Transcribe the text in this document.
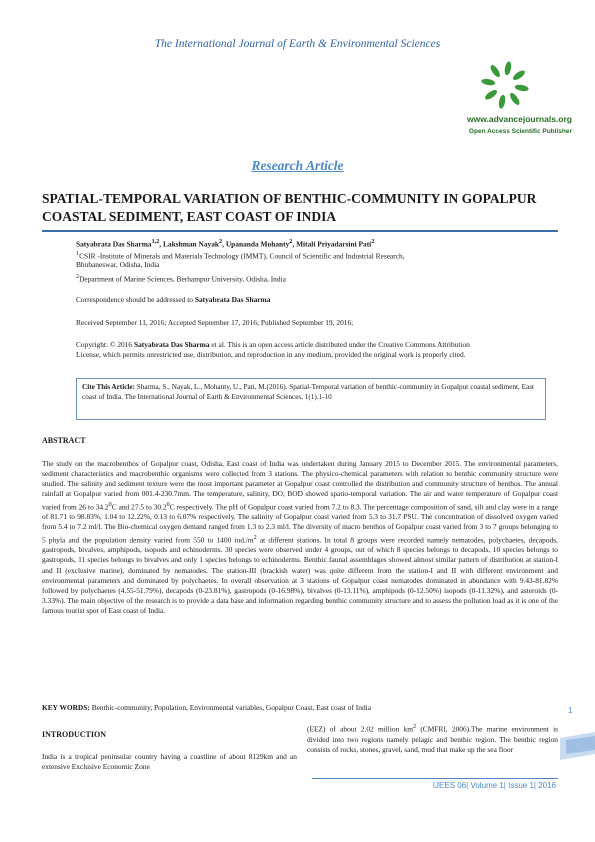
The International Journal of Earth & Environmental Sciences
www.advancejournals.org
Open Access Scientific Publisher
Research Article
SPATIAL-TEMPORAL VARIATION OF BENTHIC-COMMUNITY IN GOPALPUR COASTAL SEDIMENT, EAST COAST OF INDIA
Satyabrata Das Sharma$^{1,2}$, Lakshman Nayak$^2$, Upananda Mohanty$^2$, Mitali Priyadarsini Pati$^2$
$^1$CSIR -Institute of Minerals and Materials Technology (IMMT), Council of Scientific and Industrial Research,
Bhubaneswar, Odisha, India
$^2$Department of Marine Sciences, Berhampur University, Odisha, India
Correspondence should be addressed to Satyabrata Das Sharma
Received September 11, 2016; Accepted September 17, 2016; Published September 19, 2016;
Copyright: © 2016 Satyabrata Das Sharma et al. This is an open access article distributed under the Creative Commons Attribution License, which permits unrestricted use, distribution, and reproduction in any medium, provided the original work is properly cited.
Cite This Article: Sharma, S., Nayak, L., Mohanty, U., Pati, M.(2016). Spatial-Temporal variation of benthic-community in Gopalpur coastal sediment, East coast of India. The International Journal of Earth & Environmental Sciences, 1(1).1-10
ABSTRACT
The study on the macrobenthos of Gopalpur coast, Odisha, East coast of India was undertaken during January 2015 to December 2015. The environmental parameters, sediment characteristics and macrobenthic organisms were collected from 3 stations. The physico-chemical parameters with relation to benthic community structure were studied. The salinity and sediment texture were the most important parameter at Gopalpur coast controlled the distribution and community structure of benthos. The annual rainfall at Gopalpur varied from 001.4-230.7mm. The temperature, salinity, DO, BOD showed spatio-temporal variation. The air and water temperature of Gopalpur coast varied from 26 to 34.2$^0$C and 27.5 to 30.2$^0$C respectively. The pH of Gopalpur coast varied from 7.2 to 8.3. The percentage composition of sand, silt and clay were in a range of 81.71 to 98.83%, 1.04 to 12.22%, 0.13 to 6.07% respectively. The salinity of Gopalpur coast varied from 5.3 to 31.7 PSU. The concentration of dissolved oxygen varied from 5.4 to 7.2 ml/l. The Bio-chemical oxygen demand ranged from 1.3 to 2.3 ml/l. The diversity of macro benthos of Gopalpur coast varied from 3 to 7 groups belonging to 5 phyla and the population density varied from 550 to 1400 $ind./m^2$ at different stations. In total 8 groups were recorded namely nematodes, polychaetes, decapods, gastropods, bivalves, amphipods, isopods and echinoderms. 30 species were observed under 4 groups, out of which 8 species belongs to decapods, 10 species belongs to gastropods, 11 species belongs to bivalves and only 1 species belongs to echinoderms. Benthic faunal assemblages showed almost similar pattern of distribution at station-I and II (exclusive marine), dominated by nematodes. The station-III (brackish water) was quite different from the station-I and II with different environment and environmental parameters and dominated by polychaetes. In overall observation at 3 stations of Gopalpur coast nematodes dominated in abundance with 9.43-81.82% followed by polychaetes (4.55-51.79%), decapods (0-23.81%), gastropods (0-16.98%), bivalves (0-13.11%), amphipods (0-12.50%) isopods (0-11.32%), and asteroids (0-3.33%). The main objective of the research is to provide a data base and information regarding benthic community structure and to assess the pollution load as it is one of the famous tourist spot of East coast of India.
KEY WORDS: Benthic-community, Population, Environmental variables, Gopalpur Coast, East coast of India
INTRODUCTION
India is a tropical peninsular country having a coastline of about 8129km and an extensive Exclusive Economic Zone
(EEZ) of about 2.02 million $km^2$ (CMFRI, 2006).The marine environment is divided into two regions namely pelagic and benthic region. The benthic region consists of rocks, stones, gravel, sand, mud that make up the sea floor
1
IJEES 06| Volume 1| Issue 1| 2016
